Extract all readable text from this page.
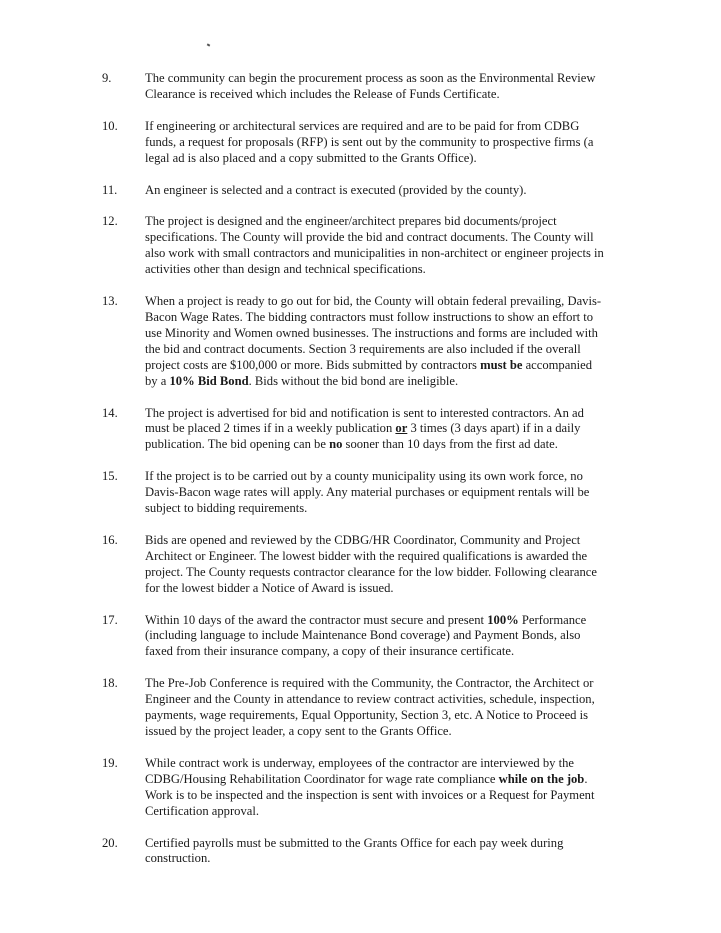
9.	The community can begin the procurement process as soon as the Environmental Review Clearance is received which includes the Release of Funds Certificate.
10. If engineering or architectural services are required and are to be paid for from CDBG funds, a request for proposals (RFP) is sent out by the community to prospective firms (a legal ad is also placed and a copy submitted to the Grants Office).
11. An engineer is selected and a contract is executed (provided by the county).
12. The project is designed and the engineer/architect prepares bid documents/project specifications. The County will provide the bid and contract documents. The County will also work with small contractors and municipalities in non-architect or engineer projects in activities other than design and technical specifications.
13. When a project is ready to go out for bid, the County will obtain federal prevailing, Davis-Bacon Wage Rates. The bidding contractors must follow instructions to show an effort to use Minority and Women owned businesses. The instructions and forms are included with the bid and contract documents. Section 3 requirements are also included if the overall project costs are $100,000 or more. Bids submitted by contractors must be accompanied by a 10% Bid Bond. Bids without the bid bond are ineligible.
14. The project is advertised for bid and notification is sent to interested contractors. An ad must be placed 2 times if in a weekly publication or 3 times (3 days apart) if in a daily publication. The bid opening can be no sooner than 10 days from the first ad date.
15. If the project is to be carried out by a county municipality using its own work force, no Davis-Bacon wage rates will apply. Any material purchases or equipment rentals will be subject to bidding requirements.
16. Bids are opened and reviewed by the CDBG/HR Coordinator, Community and Project Architect or Engineer. The lowest bidder with the required qualifications is awarded the project. The County requests contractor clearance for the low bidder. Following clearance for the lowest bidder a Notice of Award is issued.
17. Within 10 days of the award the contractor must secure and present 100% Performance (including language to include Maintenance Bond coverage) and Payment Bonds, also faxed from their insurance company, a copy of their insurance certificate.
18. The Pre-Job Conference is required with the Community, the Contractor, the Architect or Engineer and the County in attendance to review contract activities, schedule, inspection, payments, wage requirements, Equal Opportunity, Section 3, etc. A Notice to Proceed is issued by the project leader, a copy sent to the Grants Office.
19. While contract work is underway, employees of the contractor are interviewed by the CDBG/Housing Rehabilitation Coordinator for wage rate compliance while on the job. Work is to be inspected and the inspection is sent with invoices or a Request for Payment Certification approval.
20. Certified payrolls must be submitted to the Grants Office for each pay week during construction.
